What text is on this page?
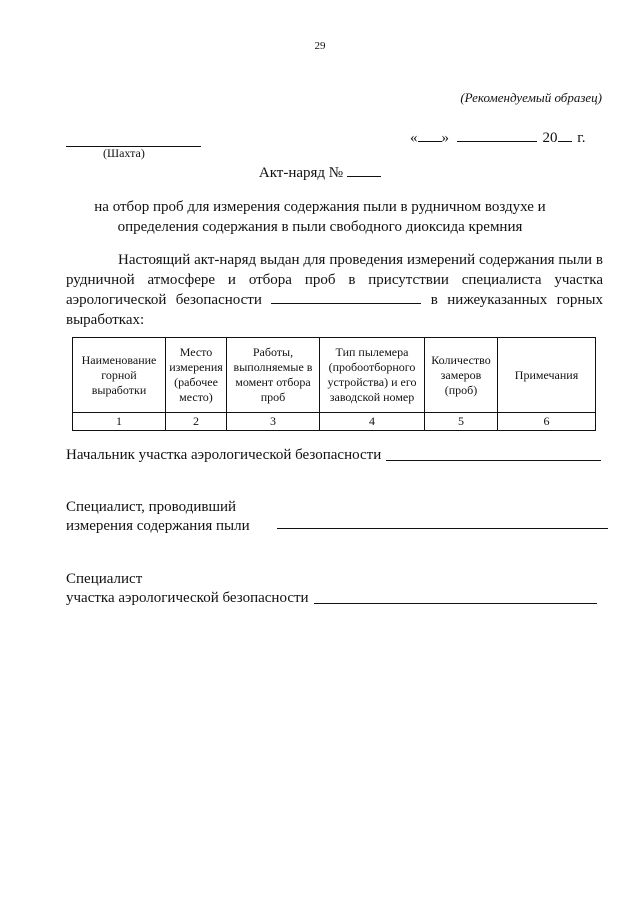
29
(Рекомендуемый образец)
(Шахта)
« »	20 г.
Акт-наряд №
на отбор проб для измерения содержания пыли в рудничном воздухе и определения содержания в пыли свободного диоксида кремния
Настоящий акт-наряд выдан для проведения измерений содержания пыли в рудничной атмосфере и отбора проб в присутствии специалиста участка аэрологической безопасности	в нижеуказанных горных выработках:
Наименование горной выработки	Место измерения (рабочее место)	Работы, выполняемые в момент отбора проб	Тип пылемера (пробоотборного устройства) и его заводской номер	Количество замеров (проб)	Примечания
1	2	3	4	5	6
Начальник участка аэрологической безопасности
Специалист, проводивший
измерения содержания пыли
Специалист
участка аэрологической безопасности
